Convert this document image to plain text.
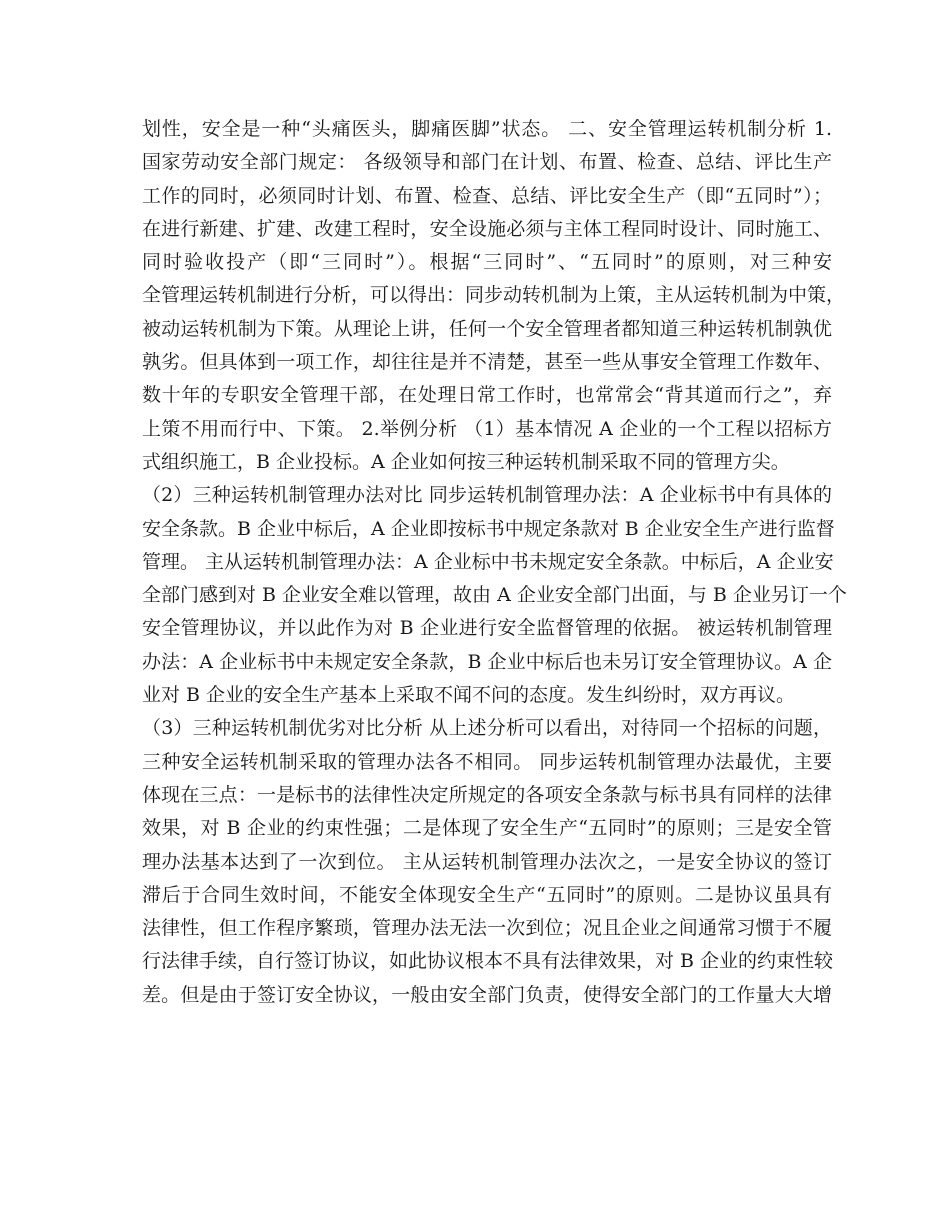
划性，安全是一种“头痛医头，脚痛医脚”状态。 二、安全管理运转机制分析 1.
国家劳动安全部门规定： 各级领导和部门在计划、布置、检查、总结、评比生产
工作的同时，必须同时计划、布置、检查、总结、评比安全生产（即“五同时”）；
在进行新建、扩建、改建工程时，安全设施必须与主体工程同时设计、同时施工、
同时验收投产（即“三同时”）。根据“三同时”、“五同时”的原则，对三种安
全管理运转机制进行分析，可以得出：同步动转机制为上策，主从运转机制为中策，
被动运转机制为下策。从理论上讲，任何一个安全管理者都知道三种运转机制孰优
孰劣。但具体到一项工作，却往往是并不清楚，甚至一些从事安全管理工作数年、
数十年的专职安全管理干部，在处理日常工作时，也常常会“背其道而行之”，弃
上策不用而行中、下策。 2.举例分析 （1）基本情况 A 企业的一个工程以招标方
式组织施工，B 企业投标。A 企业如何按三种运转机制采取不同的管理方尖。
（2）三种运转机制管理办法对比 同步运转机制管理办法：A 企业标书中有具体的
安全条款。B 企业中标后，A 企业即按标书中规定条款对 B 企业安全生产进行监督
管理。 主从运转机制管理办法：A 企业标中书未规定安全条款。中标后，A 企业安
全部门感到对 B 企业安全难以管理，故由 A 企业安全部门出面，与 B 企业另订一个
安全管理协议，并以此作为对 B 企业进行安全监督管理的依据。 被运转机制管理
办法：A 企业标书中未规定安全条款，B 企业中标后也未另订安全管理协议。A 企
业对 B 企业的安全生产基本上采取不闻不问的态度。发生纠纷时，双方再议。
（3）三种运转机制优劣对比分析 从上述分析可以看出，对待同一个招标的问题，
三种安全运转机制采取的管理办法各不相同。 同步运转机制管理办法最优，主要
体现在三点：一是标书的法律性决定所规定的各项安全条款与标书具有同样的法律
效果，对 B 企业的约束性强；二是体现了安全生产“五同时”的原则；三是安全管
理办法基本达到了一次到位。 主从运转机制管理办法次之，一是安全协议的签订
滞后于合同生效时间，不能安全体现安全生产“五同时”的原则。二是协议虽具有
法律性，但工作程序繁琐，管理办法无法一次到位；况且企业之间通常习惯于不履
行法律手续，自行签订协议，如此协议根本不具有法律效果，对 B 企业的约束性较
差。但是由于签订安全协议，一般由安全部门负责，使得安全部门的工作量大大增
